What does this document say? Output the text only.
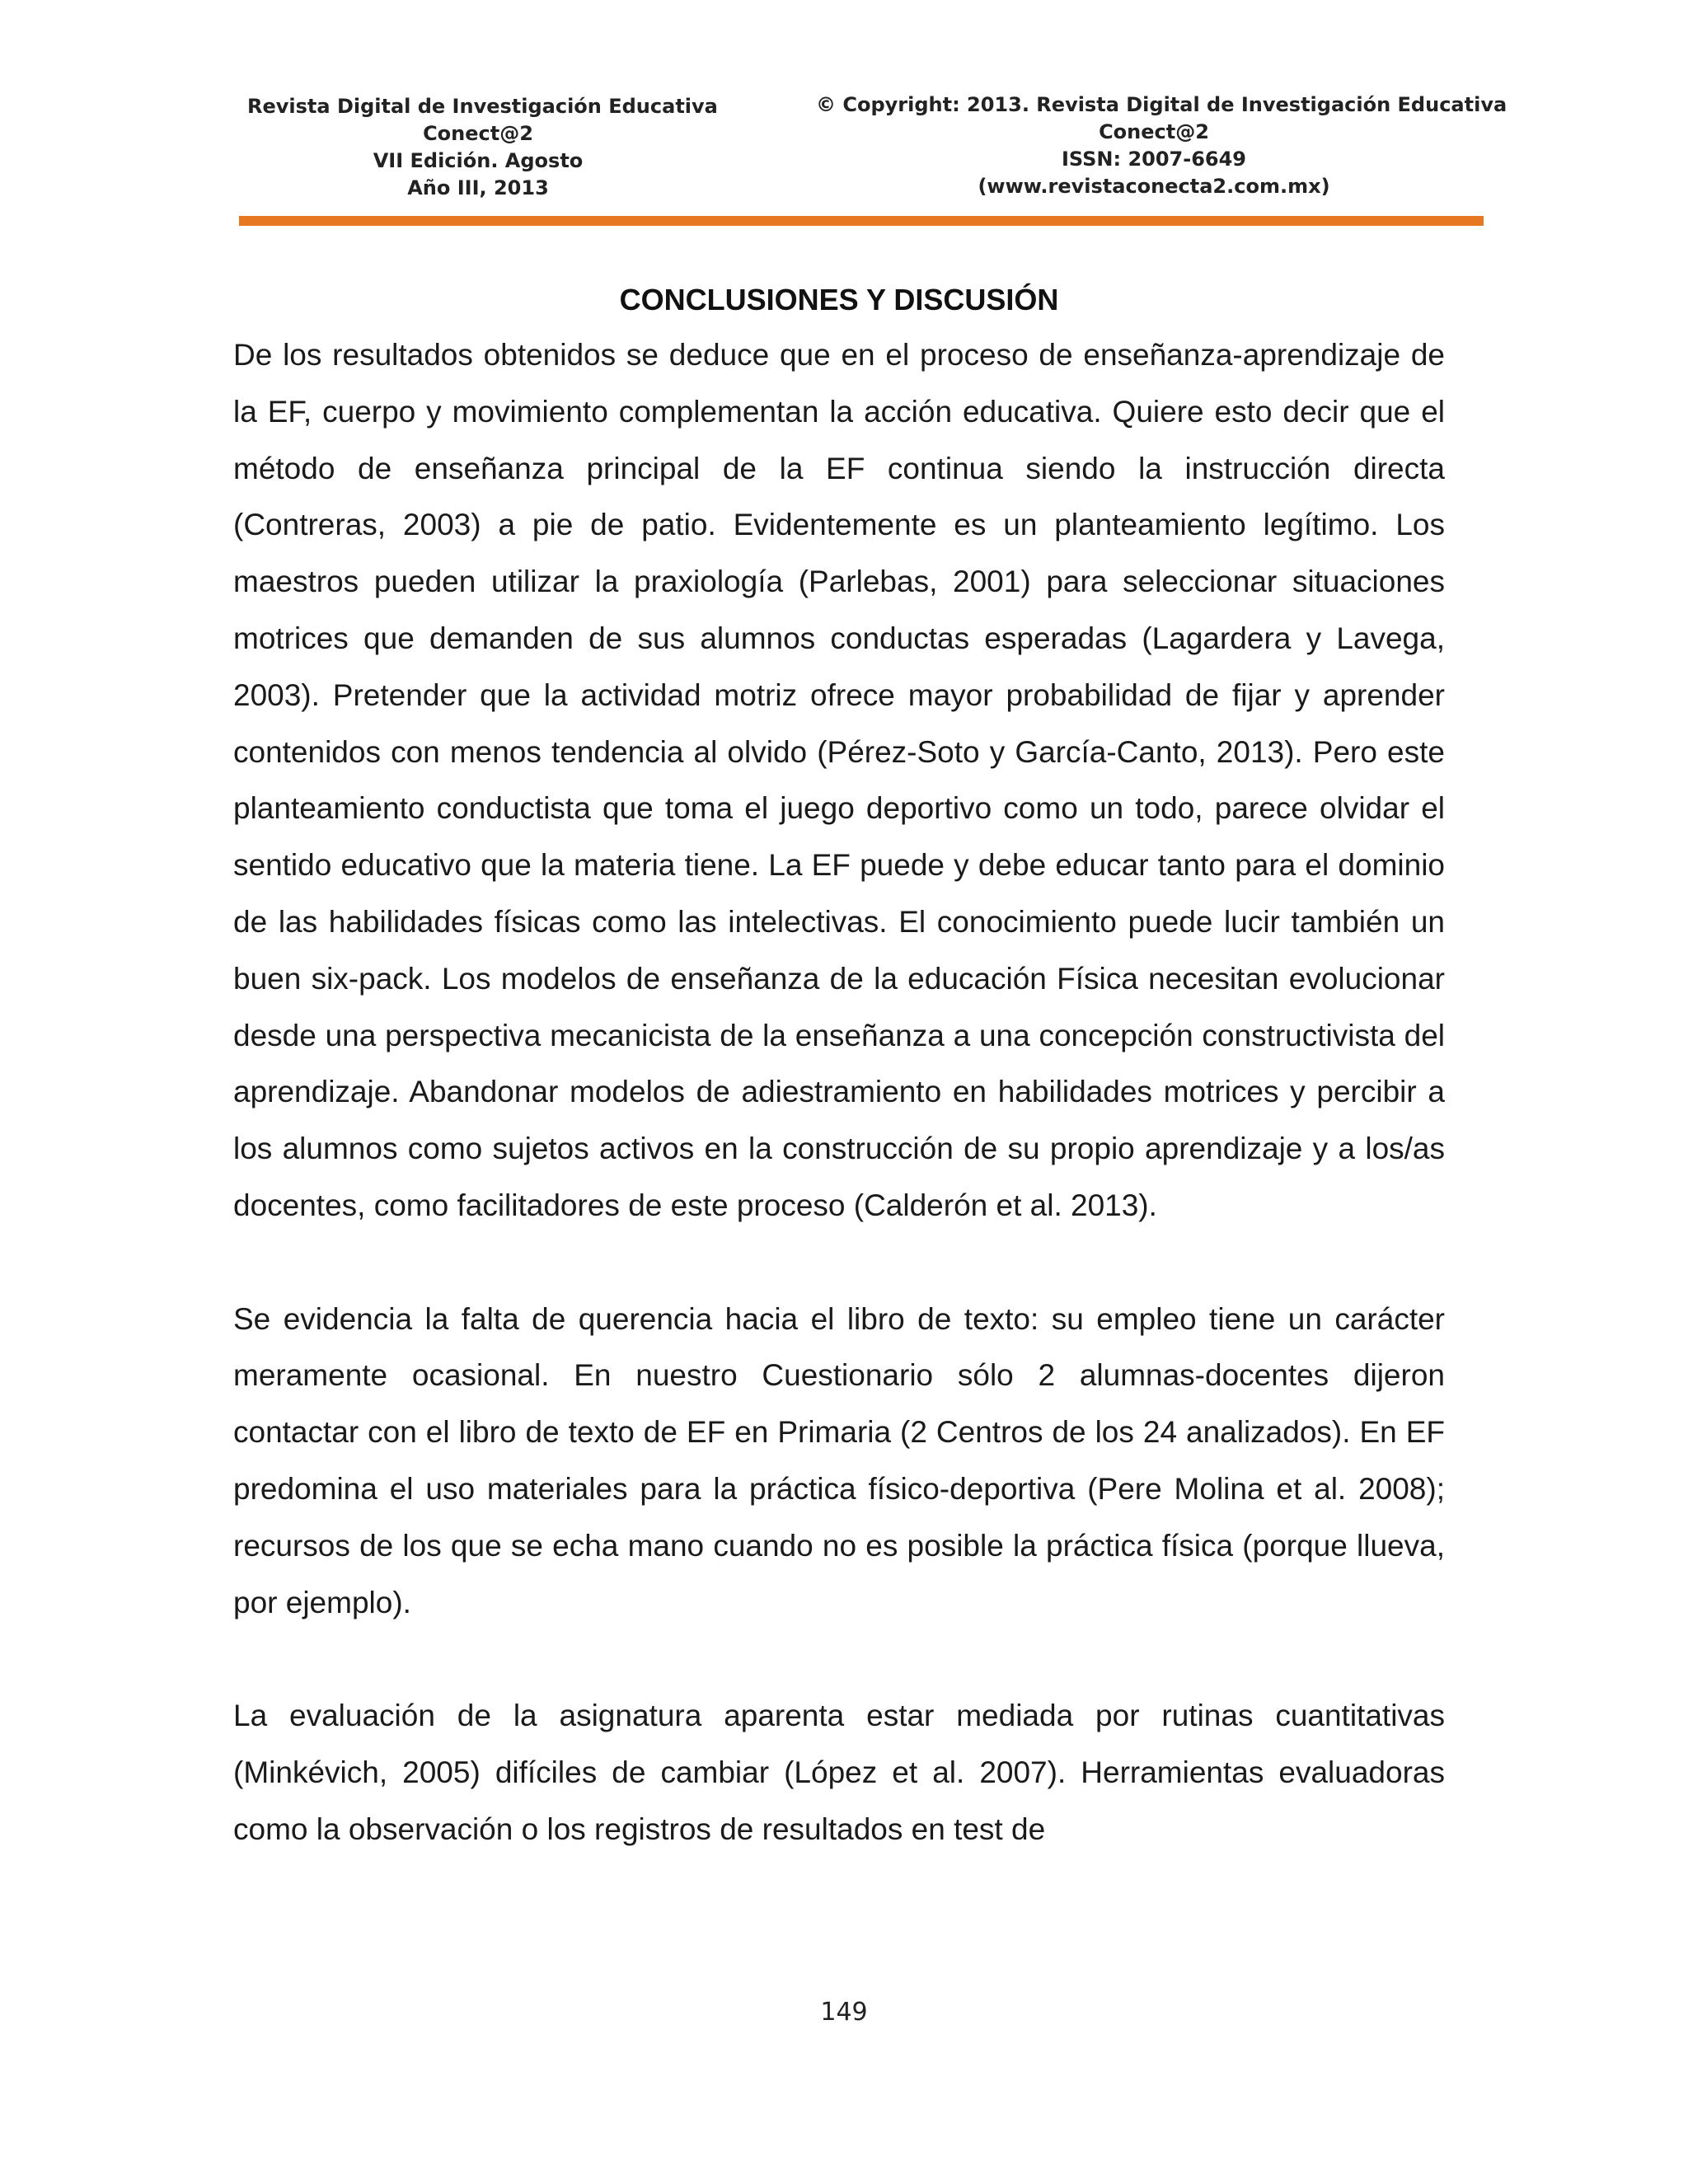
Revista Digital de Investigación Educativa
Conect@2
VII Edición. Agosto
Año III, 2013
© Copyright: 2013. Revista Digital de Investigación Educativa
Conect@2
ISSN: 2007-6649
(www.revistaconecta2.com.mx)
CONCLUSIONES Y DISCUSIÓN

De los resultados obtenidos se deduce que en el proceso de enseñanza-aprendizaje de la EF, cuerpo y movimiento complementan la acción educativa. Quiere esto decir que el método de enseñanza principal de la EF continua siendo la instrucción directa (Contreras, 2003) a pie de patio. Evidentemente es un planteamiento legítimo. Los maestros pueden utilizar la praxiología (Parlebas, 2001) para seleccionar situaciones motrices que demanden de sus alumnos conductas esperadas (Lagardera y Lavega, 2003). Pretender que la actividad motriz ofrece mayor probabilidad de fijar y aprender contenidos con menos tendencia al olvido (Pérez-Soto y García-Canto, 2013). Pero este planteamiento conductista que toma el juego deportivo como un todo, parece olvidar el sentido educativo que la materia tiene. La EF puede y debe educar tanto para el dominio de las habilidades físicas como las intelectivas. El conocimiento puede lucir también un buen six-pack. Los modelos de enseñanza de la educación Física necesitan evolucionar desde una perspectiva mecanicista de la enseñanza a una concepción constructivista del aprendizaje. Abandonar modelos de adiestramiento en habilidades motrices y percibir a los alumnos como sujetos activos en la construcción de su propio aprendizaje y a los/as docentes, como facilitadores de este proceso (Calderón et al. 2013).

Se evidencia la falta de querencia hacia el libro de texto: su empleo tiene un carácter meramente ocasional. En nuestro Cuestionario sólo 2 alumnas-docentes dijeron contactar con el libro de texto de EF en Primaria (2 Centros de los 24 analizados). En EF predomina el uso materiales para la práctica físico-deportiva (Pere Molina et al. 2008); recursos de los que se echa mano cuando no es posible la práctica física (porque llueva, por ejemplo).

La evaluación de la asignatura aparenta estar mediada por rutinas cuantitativas (Minkévich, 2005) difíciles de cambiar (López et al. 2007). Herramientas evaluadoras como la observación o los registros de resultados en test de

149
